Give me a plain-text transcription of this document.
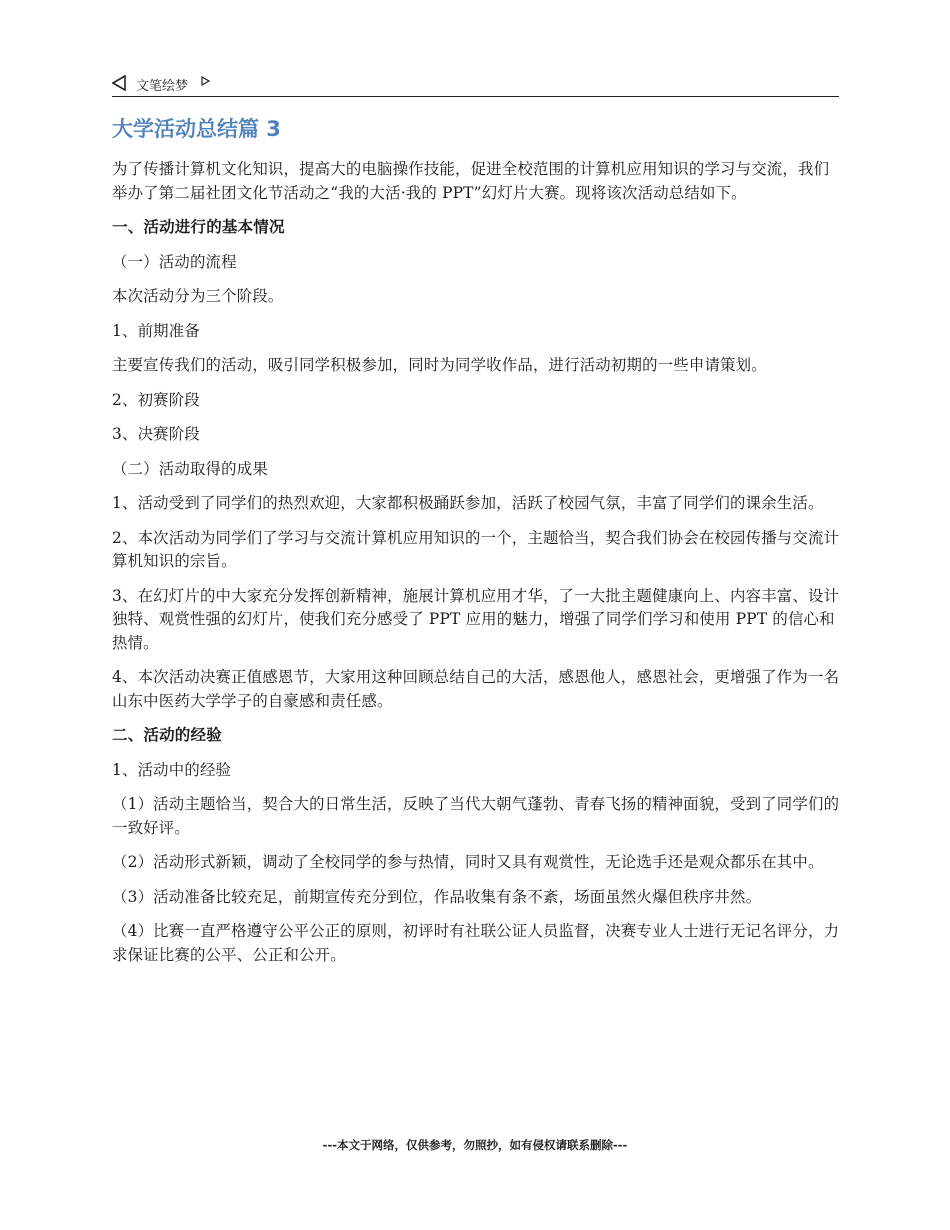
文笔绘梦
大学活动总结篇 3

为了传播计算机文化知识，提高大的电脑操作技能，促进全校范围的计算机应用知识的学习与交流，我们举办了第二届社团文化节活动之“我的大活·我的 PPT”幻灯片大赛。现将该次活动总结如下。

一、活动进行的基本情况

（一）活动的流程

本次活动分为三个阶段。

1、前期准备

主要宣传我们的活动，吸引同学积极参加，同时为同学收作品，进行活动初期的一些申请策划。

2、初赛阶段

3、决赛阶段

（二）活动取得的成果

1、活动受到了同学们的热烈欢迎，大家都积极踊跃参加，活跃了校园气氛，丰富了同学们的课余生活。

2、本次活动为同学们了学习与交流计算机应用知识的一个，主题恰当，契合我们协会在校园传播与交流计算机知识的宗旨。

3、在幻灯片的中大家充分发挥创新精神，施展计算机应用才华，了一大批主题健康向上、内容丰富、设计独特、观赏性强的幻灯片，使我们充分感受了 PPT 应用的魅力，增强了同学们学习和使用 PPT 的信心和热情。

4、本次活动决赛正值感恩节，大家用这种回顾总结自己的大活，感恩他人，感恩社会，更增强了作为一名山东中医药大学学子的自豪感和责任感。

二、活动的经验

1、活动中的经验

（1）活动主题恰当，契合大的日常生活，反映了当代大朝气蓬勃、青春飞扬的精神面貌，受到了同学们的一致好评。

（2）活动形式新颖，调动了全校同学的参与热情，同时又具有观赏性，无论选手还是观众都乐在其中。

（3）活动准备比较充足，前期宣传充分到位，作品收集有条不紊，场面虽然火爆但秩序井然。

（4）比赛一直严格遵守公平公正的原则，初评时有社联公证人员监督，决赛专业人士进行无记名评分，力求保证比赛的公平、公正和公开。

---本文于网络，仅供参考，勿照抄，如有侵权请联系删除---
